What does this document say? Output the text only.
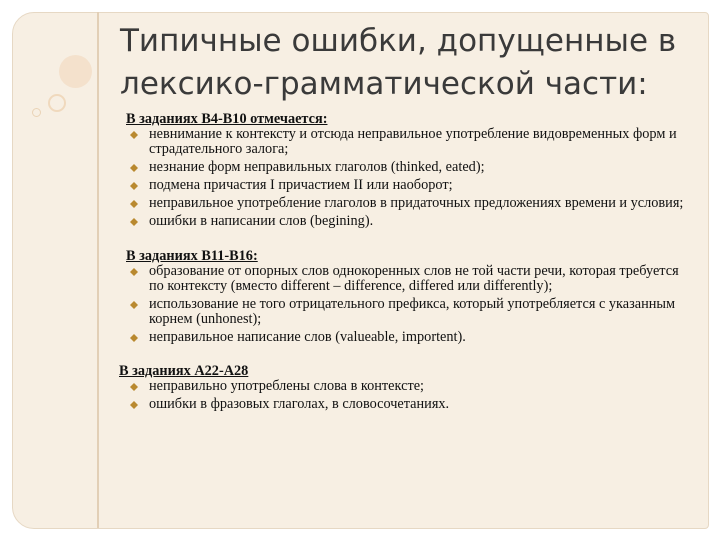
Типичные ошибки, допущенные в лексико-грамматической части:
В заданиях В4-В10 отмечается:
невнимание к контексту и отсюда неправильное употребление видовременных форм и страдательного залога;
незнание форм неправильных глаголов (thinked, eated);
подмена причастия I причастием II или наоборот;
неправильное употребление глаголов в придаточных предложениях времени и условия;
ошибки в написании слов (begining).
В заданиях В11-В16:
образование от опорных слов однокоренных слов не той части речи, которая требуется по контексту (вместо different – difference, differed или differently);
использование не того отрицательного префикса, который употребляется с указанным корнем (unhonest);
неправильное написание слов (valueable, importent).
В заданиях А22-А28
неправильно употреблены слова в контексте;
ошибки в фразовых глаголах, в словосочетаниях.
